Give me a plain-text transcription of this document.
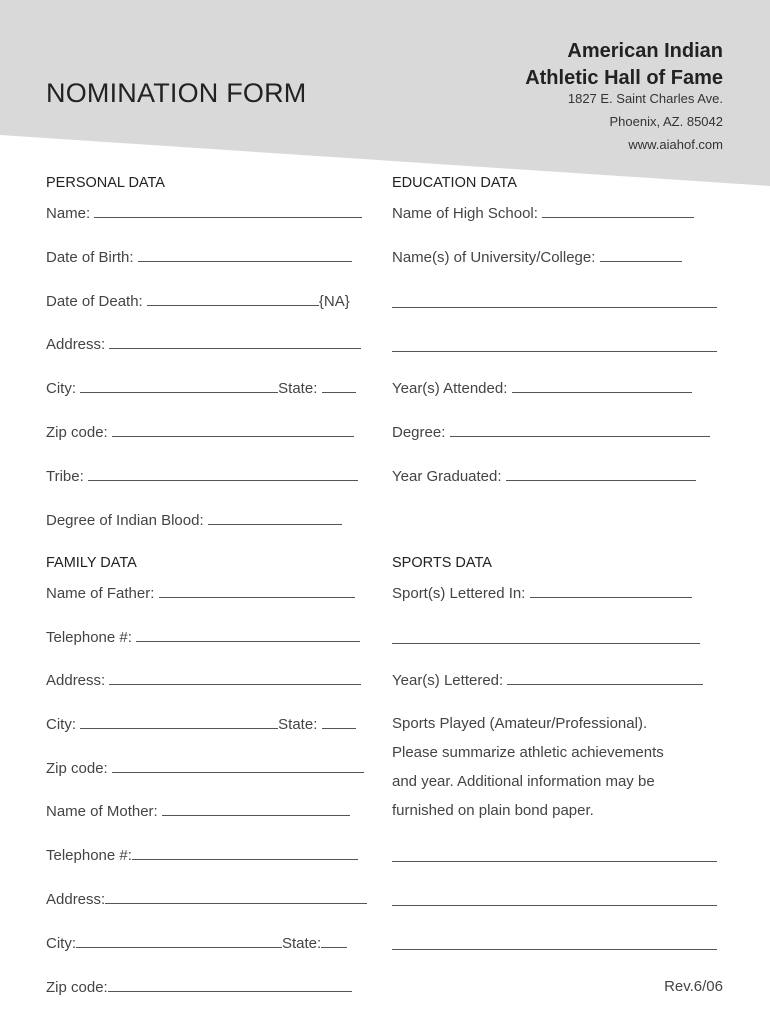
NOMINATION FORM
American Indian
Athletic Hall of Fame
1827 E. Saint Charles Ave.
Phoenix, AZ. 85042
www.aiahof.com
PERSONAL DATA
Name:
Date of Birth:
Date of Death:	{NA}
Address:
City:	State:
Zip code:
Tribe:
Degree of Indian Blood:
EDUCATION DATA
Name of High School:
Name(s) of University/College:
Year(s) Attended:
Degree:
Year Graduated:
FAMILY DATA
Name of Father:
Telephone #:
Address:
City:	State:
Zip code:
Name of Mother:
Telephone #:
Address:
City:	State:
Zip code:
SPORTS DATA
Sport(s) Lettered In:
Year(s) Lettered:
Sports Played (Amateur/Professional).
Please summarize athletic achievements
and year. Additional information may be
furnished on plain bond paper.
Rev.6/06
